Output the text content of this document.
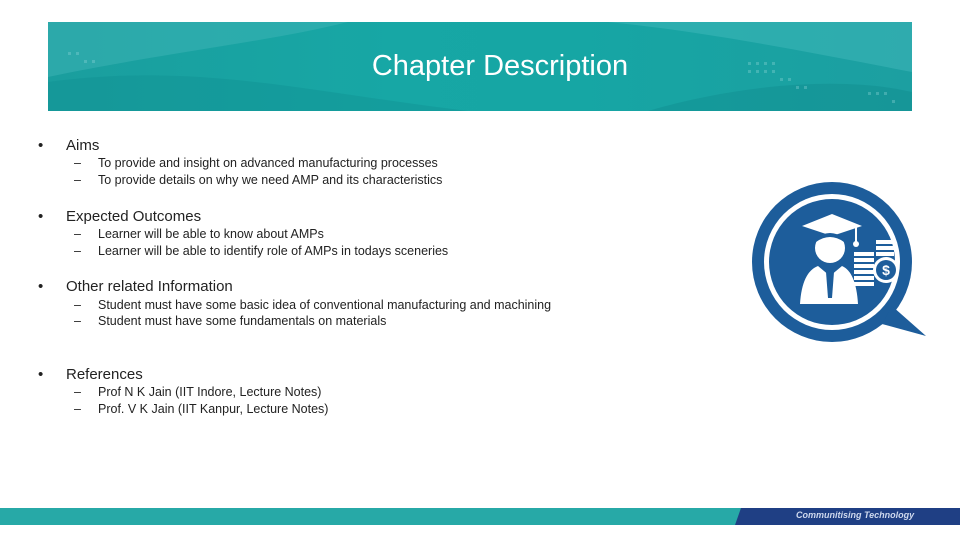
Chapter Description
• Aims
– To provide and insight on advanced manufacturing processes
– To provide details on why we need AMP and its characteristics
• Expected Outcomes
– Learner will be able to know about AMPs
– Learner will be able to identify role of AMPs in todays sceneries
• Other related Information
– Student must have some basic idea of conventional manufacturing and machining
– Student must have some fundamentals on materials
• References
– Prof N K Jain (IIT Indore, Lecture Notes)
– Prof. V K Jain (IIT Kanpur, Lecture Notes)
$
Communitising Technology
